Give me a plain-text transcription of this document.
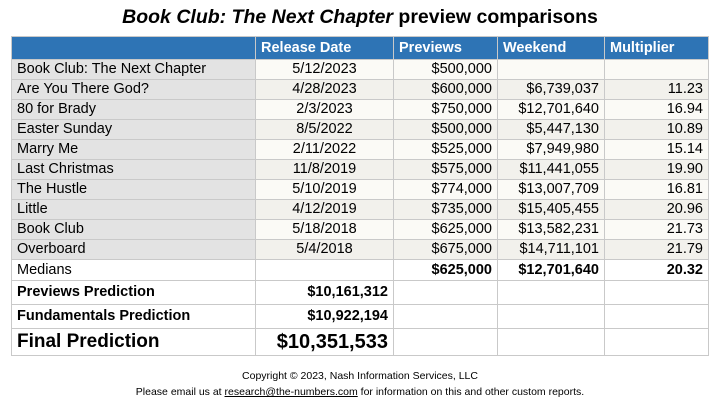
Book Club: The Next Chapter preview comparisons
	Release Date	Previews	Weekend	Multiplier
Book Club: The Next Chapter	5/12/2023	$500,000		
Are You There God?	4/28/2023	$600,000	$6,739,037	11.23
80 for Brady	2/3/2023	$750,000	$12,701,640	16.94
Easter Sunday	8/5/2022	$500,000	$5,447,130	10.89
Marry Me	2/11/2022	$525,000	$7,949,980	15.14
Last Christmas	11/8/2019	$575,000	$11,441,055	19.90
The Hustle	5/10/2019	$774,000	$13,007,709	16.81
Little	4/12/2019	$735,000	$15,405,455	20.96
Book Club	5/18/2018	$625,000	$13,582,231	21.73
Overboard	5/4/2018	$675,000	$14,711,101	21.79
Medians		$625,000	$12,701,640	20.32
Previews Prediction	$10,161,312			
Fundamentals Prediction	$10,922,194			
Final Prediction	$10,351,533			
Copyright © 2023, Nash Information Services, LLC
Please email us at research@the-numbers.com for information on this and other custom reports.
